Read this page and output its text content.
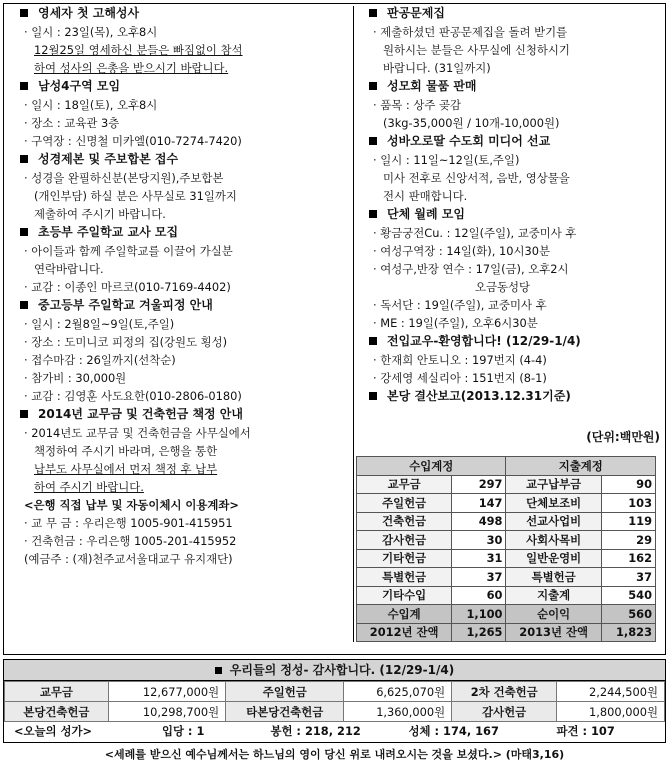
영세자 첫 고해성사
· 일시 : 23일(목), 오후8시
12월25일 영세하신 분들은 빠짐없이 참석
하여 성사의 은총을 받으시기 바랍니다.
남성4구역 모임
· 일시 : 18일(토), 오후8시
· 장소 : 교육관 3층
· 구역장 : 신명철 미카엘(010-7274-7420)
성경제본 및 주보합본 접수
· 성경을 완필하신분(본당지원),주보합본
(개인부담) 하실 분은 사무실로 31일까지
제출하여 주시기 바랍니다.
초등부 주일학교 교사 모집
· 아이들과 함께 주일학교를 이끌어 가실분
연락바랍니다.
· 교감 : 이종인 마르코(010-7169-4402)
중고등부 주일학교 겨울피정 안내
· 일시 : 2월8일~9일(토,주일)
· 장소 : 도미니코 피정의 집(강원도 횡성)
· 접수마감 : 26일까지(선착순)
· 참가비 : 30,000원
· 교감 : 김영훈 사도요한(010-2806-0180)
2014년 교무금 및 건축헌금 책정 안내
· 2014년도 교무금 및 건축헌금을 사무실에서
책정하여 주시기 바라며, 은행을 통한
납부도 사무실에서 먼저 책정 후 납부
하여 주시기 바랍니다.
<은행 직접 납부 및 자동이체시 이용계좌>
· 교 무 금 : 우리은행 1005-901-415951
· 건축헌금 : 우리은행 1005-201-415952
(예금주 : (재)천주교서울대교구 유지재단)
판공문제집
· 제출하셨던 판공문제집을 돌려 받기를
원하시는 분들은 사무실에 신청하시기
바랍니다. (31일까지)
성모회 물품 판매
· 품목 : 상주 곶감
(3kg-35,000원 / 10개-10,000원)
성바오로딸 수도회 미디어 선교
· 일시 : 11일~12일(토,주일)
미사 전후로 신앙서적, 음반, 영상물을
전시 판매합니다.
단체 월례 모임
· 황금궁전Cu. : 12일(주일), 교중미사 후
· 여성구역장 : 14일(화), 10시30분
· 여성구,반장 연수 : 17일(금), 오후2시
오금동성당
· 독서단 : 19일(주일), 교중미사 후
· ME : 19일(주일), 오후6시30분
전입교우-환영합니다! (12/29-1/4)
· 한재희 안토니오 : 197번지 (4-4)
· 강세영 세실리아 : 151번지 (8-1)
본당 결산보고(2013.12.31기준)
(단위:백만원)
수입계정		지출계정	
교무금	297	교구납부금	90
주일헌금	147	단체보조비	103
건축헌금	498	선교사업비	119
감사헌금	30	사회사목비	29
기타헌금	31	일반운영비	162
특별헌금	37	특별헌금	37
기타수입	60	지출계	540
수입계	1,100	순이익	560
2012년 잔액	1,265	2013년 잔액	1,823
우리들의 정성- 감사합니다. (12/29-1/4)
교무금	12,677,000원	주일헌금	6,625,070원	2차 건축헌금	2,244,500원
본당건축헌금	10,298,700원	타본당건축헌금	1,360,000원	감사헌금	1,800,000원
<오늘의 성가>	입당 : 1	봉헌 : 218, 212	성체 : 174, 167	파견 : 107
<세례를 받으신 예수님께서는 하느님의 영이 당신 위로 내려오시는 것을 보셨다.> (마태3,16)
